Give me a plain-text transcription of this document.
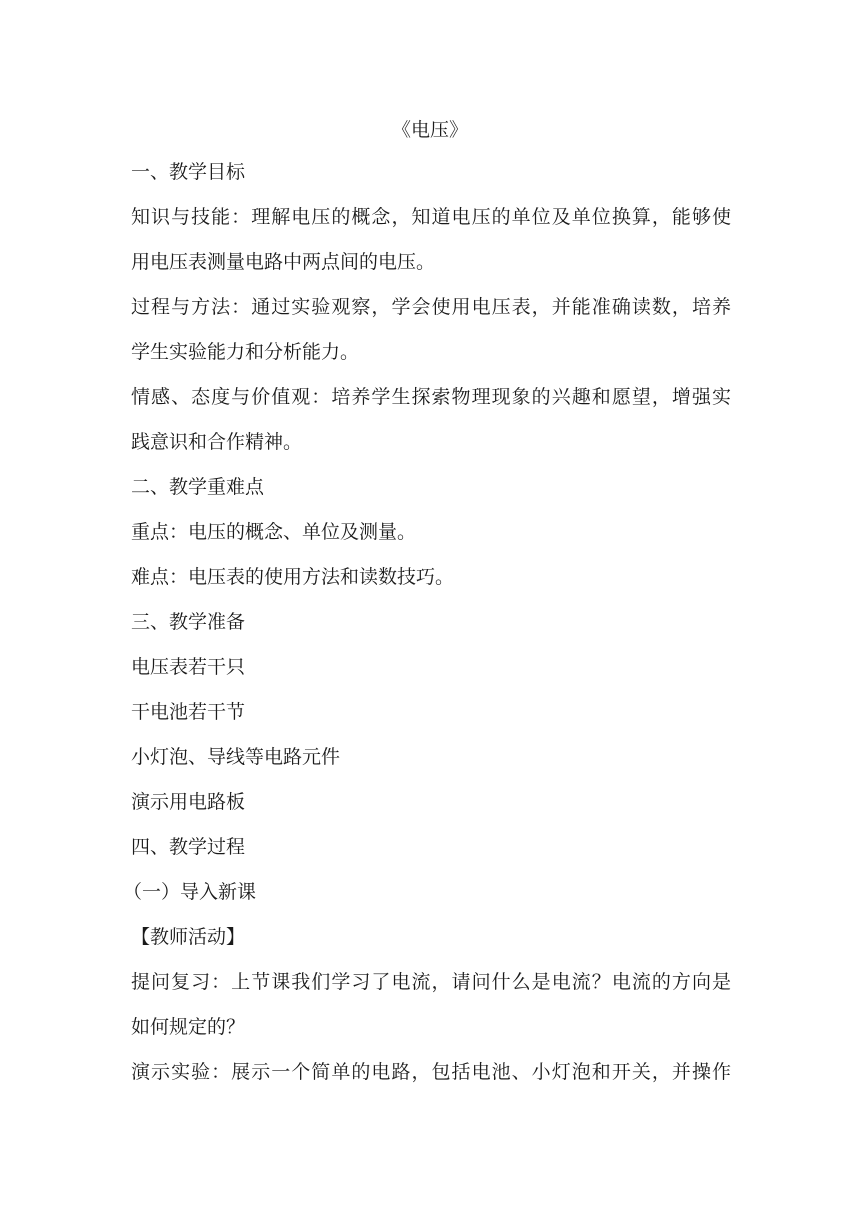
《电压》
一、教学目标
知识与技能：理解电压的概念，知道电压的单位及单位换算，能够使
用电压表测量电路中两点间的电压。
过程与方法：通过实验观察，学会使用电压表，并能准确读数，培养
学生实验能力和分析能力。
情感、态度与价值观：培养学生探索物理现象的兴趣和愿望，增强实
践意识和合作精神。
二、教学重难点
重点：电压的概念、单位及测量。
难点：电压表的使用方法和读数技巧。
三、教学准备
电压表若干只
干电池若干节
小灯泡、导线等电路元件
演示用电路板
四、教学过程
（一）导入新课
【教师活动】
提问复习：上节课我们学习了电流，请问什么是电流？电流的方向是
如何规定的？
演示实验：展示一个简单的电路，包括电池、小灯泡和开关，并操作
